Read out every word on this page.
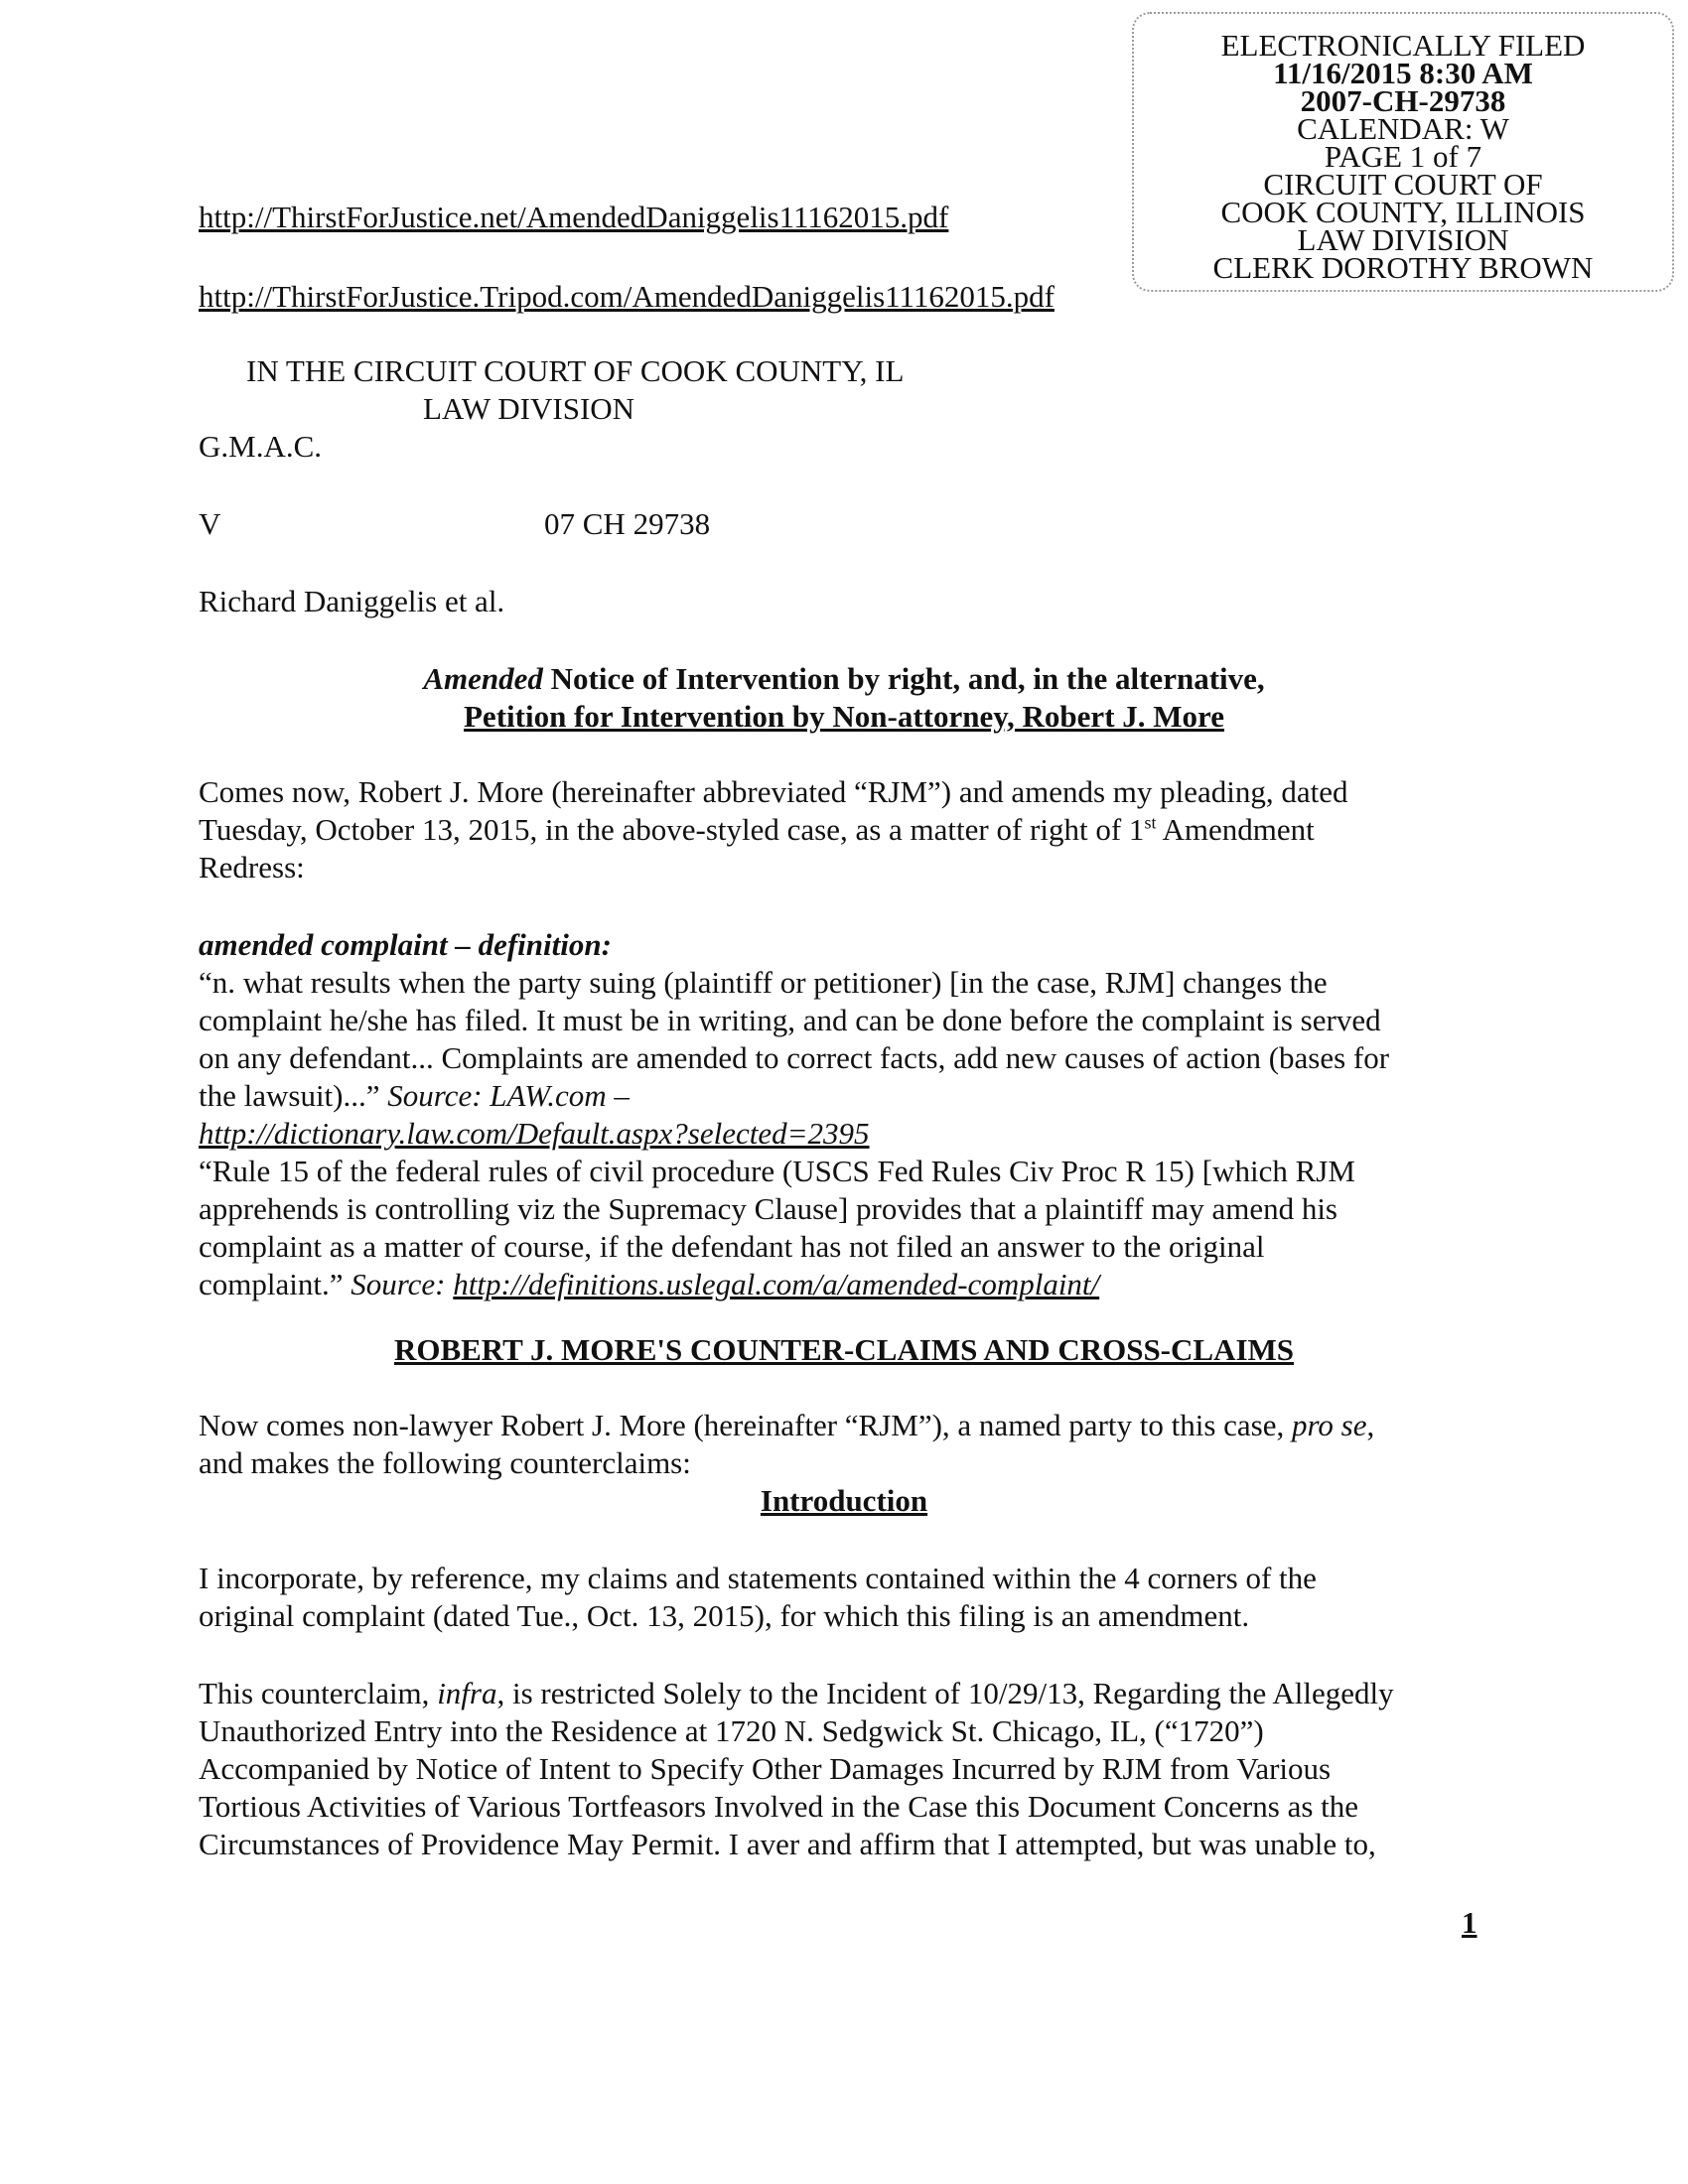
ELECTRONICALLY FILED
11/16/2015 8:30 AM
2007-CH-29738
CALENDAR: W
PAGE 1 of 7
CIRCUIT COURT OF
COOK COUNTY, ILLINOIS
LAW DIVISION
CLERK DOROTHY BROWN
http://ThirstForJustice.net/AmendedDaniggelis11162015.pdf
http://ThirstForJustice.Tripod.com/AmendedDaniggelis11162015.pdf
IN THE CIRCUIT COURT OF COOK COUNTY, IL
LAW DIVISION
G.M.A.C.
V	07 CH 29738
Richard Daniggelis et al.
Amended Notice of Intervention by right, and, in the alternative,
Petition for Intervention by Non-attorney, Robert J. More
Comes now, Robert J. More (hereinafter abbreviated “RJM”) and amends my pleading, dated
Tuesday, October 13, 2015, in the above-styled case, as a matter of right of 1st Amendment
Redress:
amended complaint – definition:
“n. what results when the party suing (plaintiff or petitioner) [in the case, RJM] changes the
complaint he/she has filed. It must be in writing, and can be done before the complaint is served
on any defendant... Complaints are amended to correct facts, add new causes of action (bases for
the lawsuit)...” Source: LAW.com –
http://dictionary.law.com/Default.aspx?selected=2395
“Rule 15 of the federal rules of civil procedure (USCS Fed Rules Civ Proc R 15) [which RJM
apprehends is controlling viz the Supremacy Clause] provides that a plaintiff may amend his
complaint as a matter of course, if the defendant has not filed an answer to the original
complaint.” Source: http://definitions.uslegal.com/a/amended-complaint/
ROBERT J. MORE'S COUNTER-CLAIMS AND CROSS-CLAIMS
Now comes non-lawyer Robert J. More (hereinafter “RJM”), a named party to this case, pro se,
and makes the following counterclaims:
Introduction
I incorporate, by reference, my claims and statements contained within the 4 corners of the
original complaint (dated Tue., Oct. 13, 2015), for which this filing is an amendment.
This counterclaim, infra, is restricted Solely to the Incident of 10/29/13, Regarding the Allegedly
Unauthorized Entry into the Residence at 1720 N. Sedgwick St. Chicago, IL, (“1720”)
Accompanied by Notice of Intent to Specify Other Damages Incurred by RJM from Various
Tortious Activities of Various Tortfeasors Involved in the Case this Document Concerns as the
Circumstances of Providence May Permit. I aver and affirm that I attempted, but was unable to,
1
